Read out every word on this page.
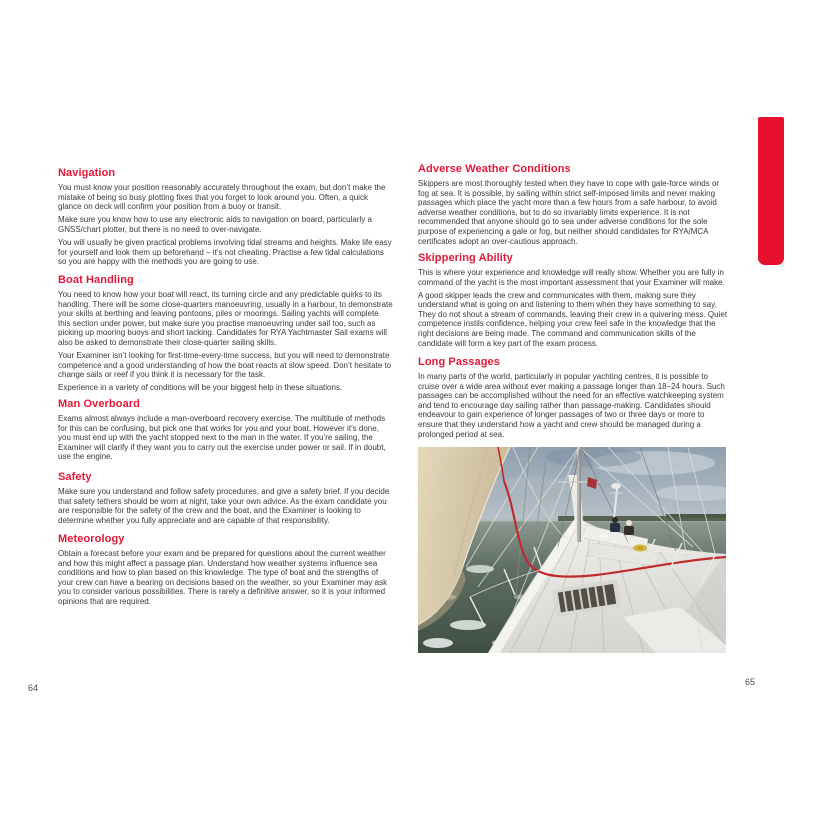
Navigation

You must know your position reasonably accurately throughout the exam, but don’t make the mistake of being so busy plotting fixes that you forget to look around you. Often, a quick glance on deck will confirm your position from a buoy or transit.

Make sure you know how to use any electronic aids to navigation on board, particularly a GNSS/chart plotter, but there is no need to over-navigate.

You will usually be given practical problems involving tidal streams and heights. Make life easy for yourself and look them up beforehand – it’s not cheating. Practise a few tidal calculations so you are happy with the methods you are going to use.

Boat Handling

You need to know how your boat will react, its turning circle and any predictable quirks to its handling. There will be some close-quarters manoeuvring, usually in a harbour, to demonstrate your skills at berthing and leaving pontoons, piles or moorings. Sailing yachts will complete this section under power, but make sure you practise manoeuvring under sail too, such as picking up mooring buoys and short tacking. Candidates for RYA Yachtmaster Sail exams will also be asked to demonstrate their close-quarter sailing skills.

Your Examiner isn’t looking for first-time-every-time success, but you will need to demonstrate competence and a good understanding of how the boat reacts at slow speed. Don’t hesitate to change sails or reef if you think it is necessary for the task.

Experience in a variety of conditions will be your biggest help in these situations.

Man Overboard

Exams almost always include a man-overboard recovery exercise. The multitude of methods for this can be confusing, but pick one that works for you and your boat. However it’s done, you must end up with the yacht stopped next to the man in the water. If you’re sailing, the Examiner will clarify if they want you to carry out the exercise under power or sail. If in doubt, use the engine.

Safety

Make sure you understand and follow safety procedures, and give a safety brief. If you decide that safety tethers should be worn at night, take your own advice. As the exam candidate you are responsible for the safety of the crew and the boat, and the Examiner is looking to determine whether you fully appreciate and are capable of that responsibility.

Meteorology

Obtain a forecast before your exam and be prepared for questions about the current weather and how this might affect a passage plan. Understand how weather systems influence sea conditions and how to plan based on this knowledge. The type of boat and the strengths of your crew can have a bearing on decisions based on the weather, so your Examiner may ask you to consider various possibilities. There is rarely a definitive answer, so it is your informed opinions that are required.

Adverse Weather Conditions

Skippers are most thoroughly tested when they have to cope with gale-force winds or fog at sea. It is possible, by sailing within strict self-imposed limits and never making passages which place the yacht more than a few hours from a safe harbour, to avoid adverse weather conditions, but to do so invariably limits experience. It is not recommended that anyone should go to sea under adverse conditions for the sole purpose of experiencing a gale or fog, but neither should candidates for RYA/MCA certificates adopt an over-cautious approach.

Skippering Ability

This is where your experience and knowledge will really show. Whether you are fully in command of the yacht is the most important assessment that your Examiner will make.

A good skipper leads the crew and communicates with them, making sure they understand what is going on and listening to them when they have something to say. They do not shout a stream of commands, leaving their crew in a quivering mess. Quiet competence instils confidence, helping your crew feel safe in the knowledge that the right decisions are being made. The command and communication skills of the candidate will form a key part of the exam process.

Long Passages

In many parts of the world, particularly in popular yachting centres, it is possible to cruise over a wide area without ever making a passage longer than 18–24 hours. Such passages can be accomplished without the need for an effective watchkeeping system and tend to encourage day sailing rather than passage-making. Candidates should endeavour to gain experience of longer passages of two or three days or more to ensure that they understand how a yacht and crew should be managed during a prolonged period at sea.

64
65
